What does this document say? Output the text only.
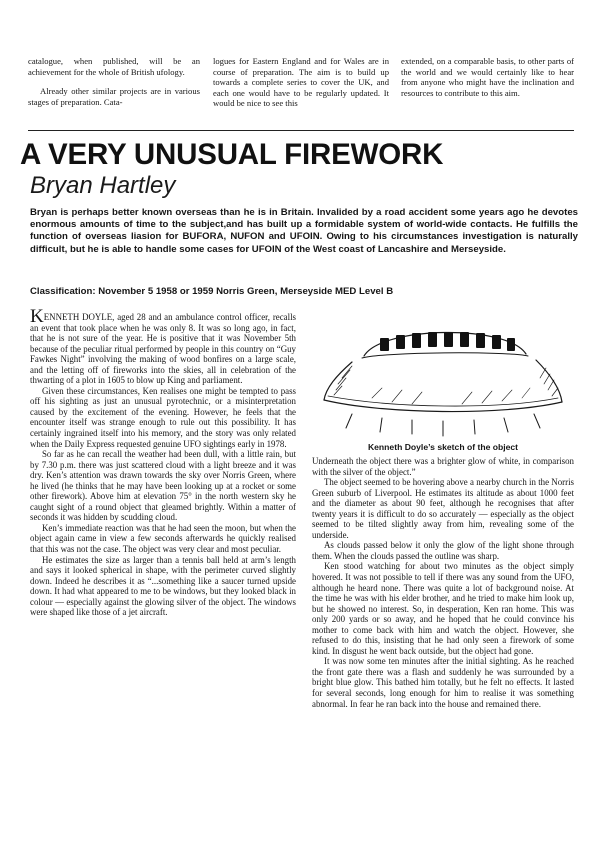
catalogue, when published, will be an achievement for the whole of British ufology.

Already other similar projects are in various stages of preparation. Cata-

logues for Eastern England and for Wales are in course of preparation. The aim is to build up towards a complete series to cover the UK, and each one would have to be regularly updated. It would be nice to see this

extended, on a comparable basis, to other parts of the world and we would certainly like to hear from anyone who might have the inclination and resources to contribute to this aim.

A VERY UNUSUAL FIREWORK
Bryan Hartley

Bryan is perhaps better known overseas than he is in Britain. Invalided by a road accident some years ago he devotes enormous amounts of time to the subject,and has built up a formidable system of world-wide contacts. He fulfills the function of overseas liasion for BUFORA, NUFON and UFOIN. Owing to his circumstances investigation is naturally difficult, but he is able to handle some cases for UFOIN of the West coast of Lancashire and Merseyside.

Classification: November 5 1958 or 1959 Norris Green, Merseyside MED Level B

KENNETH DOYLE, aged 28 and an ambulance control officer, recalls an event that took place when he was only 8. It was so long ago, in fact, that he is not sure of the year. He is positive that it was November 5th because of the peculiar ritual performed by people in this country on “Guy Fawkes Night” involving the making of wood bonfires on a large scale, and the letting off of fireworks into the skies, all in celebration of the thwarting of a plot in 1605 to blow up King and parliament.

Given these circumstances, Ken realises one might be tempted to pass off his sighting as just an unusual pyrotechnic, or a misinterpretation caused by the excitement of the evening. However, he feels that the encounter itself was strange enough to rule out this possibility. It has certainly ingrained itself into his memory, and the story was only related when the Daily Express requested genuine UFO sightings early in 1978.

So far as he can recall the weather had been dull, with a little rain, but by 7.30 p.m. there was just scattered cloud with a light breeze and it was dry. Ken’s attention was drawn towards the sky over Norris Green, where he lived (he thinks that he may have been looking up at a rocket or some other firework). Above him at elevation 75° in the north western sky he caught sight of a round object that gleamed brightly. Within a matter of seconds it was hidden by scudding cloud.

Ken’s immediate reaction was that he had seen the moon, but when the object again came in view a few seconds afterwards he quickly realised that this was not the case. The object was very clear and most peculiar.

He estimates the size as larger than a tennis ball held at arm’s length and says it looked spherical in shape, with the perimeter curved slightly down. Indeed he describes it as “...something like a saucer turned upside down. It had what appeared to me to be windows, but they looked black in colour — especially against the glowing silver of the object. The windows were shaped like those of a jet aircraft.

Kenneth Doyle’s sketch of the object

Underneath the object there was a brighter glow of white, in comparison with the silver of the object.”

The object seemed to be hovering above a nearby church in the Norris Green suburb of Liverpool. He estimates its altitude as about 1000 feet and the diameter as about 90 feet, although he recognises that after twenty years it is difficult to do so accurately — especially as the object seemed to be tilted slightly away from him, revealing some of the underside.

As clouds passed below it only the glow of the light shone through them. When the clouds passed the outline was sharp.

Ken stood watching for about two minutes as the object simply hovered. It was not possible to tell if there was any sound from the UFO, although he heard none. There was quite a lot of background noise. At the time he was with his elder brother, and he tried to make him look up, but he showed no interest. So, in desperation, Ken ran home. This was only 200 yards or so away, and he hoped that he could convince his mother to come back with him and watch the object. However, she refused to do this, insisting that he had only seen a firework of some kind. In disgust he went back outside, but the object had gone.

It was now some ten minutes after the initial sighting. As he reached the front gate there was a flash and suddenly he was surrounded by a bright blue glow. This bathed him totally, but he felt no effects. It lasted for several seconds, long enough for him to realise it was something abnormal. In fear he ran back into the house and remained there.
